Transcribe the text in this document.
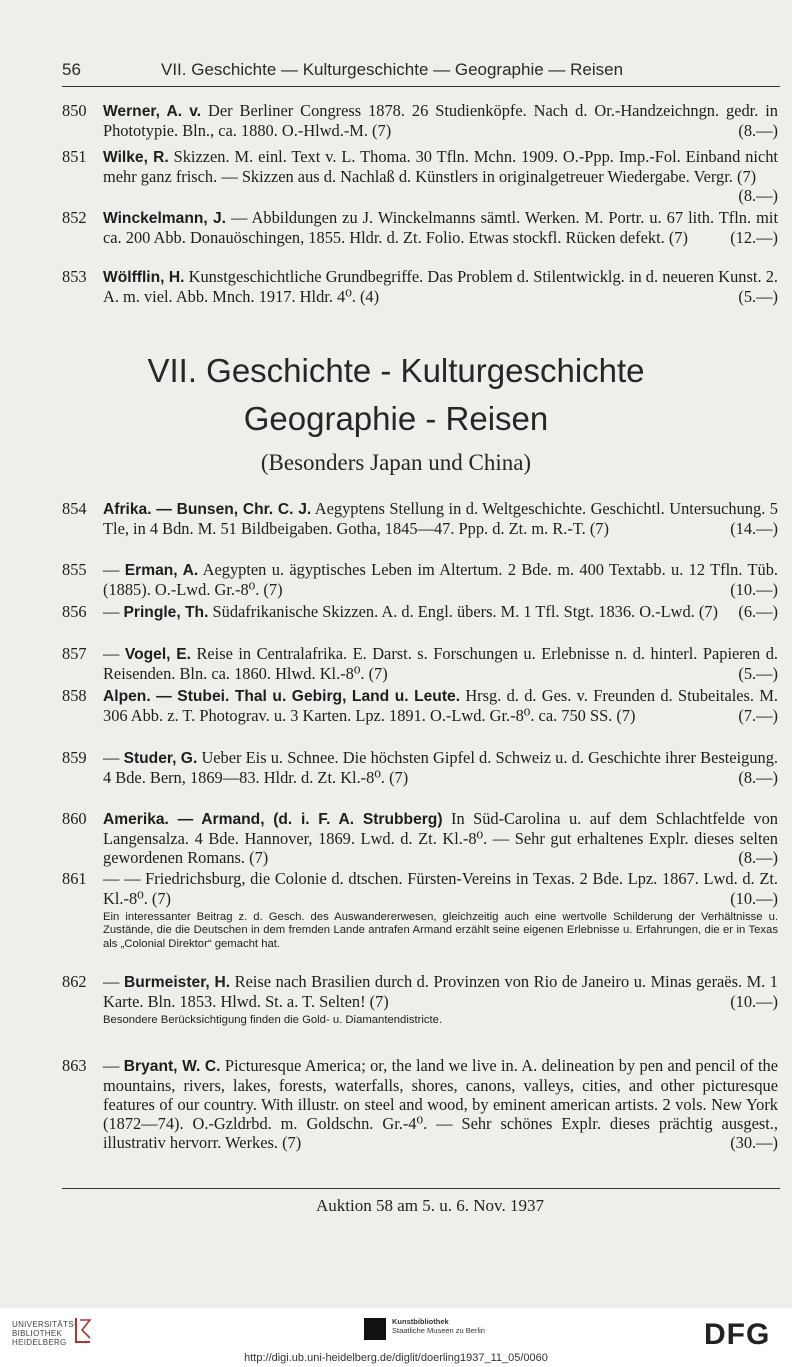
56	VII. Geschichte — Kulturgeschichte — Geographie — Reisen
850	Werner, A. v. Der Berliner Congress 1878. 26 Studienköpfe. Nach d. Or.-Handzeichngn. gedr. in Phototypie. Bln., ca. 1880. O.-Hlwd.-M. (7)	(8.—)
851	Wilke, R. Skizzen. M. einl. Text v. L. Thoma. 30 Tfln. Mchn. 1909. O.-Ppp. Imp.-Fol. Einband nicht mehr ganz frisch. — Skizzen aus d. Nachlaß d. Künstlers in originalgetreuer Wiedergabe. Vergr. (7)
(8.—)
852	Winckelmann, J. — Abbildungen zu J. Winckelmanns sämtl. Werken. M. Portr. u. 67 lith. Tfln. mit ca. 200 Abb. Donauöschingen, 1855. Hldr. d. Zt. Folio. Etwas stockfl. Rücken defekt. (7)	(12.—)
853	Wölfflin, H. Kunstgeschichtliche Grundbegriffe. Das Problem d. Stilentwicklg. in d. neueren Kunst. 2. A. m. viel. Abb. Mnch. 1917. Hldr. 4⁰. (4)	(5.—)
VII. Geschichte - Kulturgeschichte
Geographie - Reisen
(Besonders Japan und China)
854	Afrika. — Bunsen, Chr. C. J. Aegyptens Stellung in d. Weltgeschichte. Geschichtl. Untersuchung. 5 Tle, in 4 Bdn. M. 51 Bildbeigaben. Gotha, 1845—47. Ppp. d. Zt. m. R.-T. (7)	(14.—)
855	— Erman, A. Aegypten u. ägyptisches Leben im Altertum. 2 Bde. m. 400 Textabb. u. 12 Tfln. Tüb. (1885). O.-Lwd. Gr.-8⁰. (7)	(10.—)
856	— Pringle, Th. Südafrikanische Skizzen. A. d. Engl. übers. M. 1 Tfl. Stgt. 1836. O.-Lwd. (7) (6.—)
857	— Vogel, E. Reise in Centralafrika. E. Darst. s. Forschungen u. Erlebnisse n. d. hinterl. Papieren d. Reisenden. Bln. ca. 1860. Hlwd. Kl.-8⁰. (7)	(5.—)
858	Alpen. — Stubei. Thal u. Gebirg, Land u. Leute. Hrsg. d. d. Ges. v. Freunden d. Stubeitales. M. 306 Abb. z. T. Photograv. u. 3 Karten. Lpz. 1891. O.-Lwd. Gr.-8⁰. ca. 750 SS. (7)	(7.—)
859	— Studer, G. Ueber Eis u. Schnee. Die höchsten Gipfel d. Schweiz u. d. Geschichte ihrer Besteigung. 4 Bde. Bern, 1869—83. Hldr. d. Zt. Kl.-8⁰. (7)	(8.—)
860	Amerika. — Armand, (d. i. F. A. Strubberg) In Süd-Carolina u. auf dem Schlachtfelde von Langensalza. 4 Bde. Hannover, 1869. Lwd. d. Zt. Kl.-8⁰. — Sehr gut erhaltenes Explr. dieses selten gewordenen Romans. (7)	(8.—)
861	— — Friedrichsburg, die Colonie d. dtschen. Fürsten-Vereins in Texas. 2 Bde. Lpz. 1867. Lwd. d. Zt. Kl.-8⁰. (7)	(10.—)
Ein interessanter Beitrag z. d. Gesch. des Auswandererwesen, gleichzeitig auch eine wertvolle Schilderung der Verhältnisse u. Zustände, die die Deutschen in dem fremden Lande antrafen Armand erzählt seine eigenen Erlebnisse u. Erfahrungen, die er in Texas als „Colonial Direktor“ gemacht hat.
862	— Burmeister, H. Reise nach Brasilien durch d. Provinzen von Rio de Janeiro u. Minas geraës. M. 1 Karte. Bln. 1853. Hlwd. St. a. T. Selten! (7)	(10.—)
Besondere Berücksichtigung finden die Gold- u. Diamantendistricte.
863	— Bryant, W. C. Picturesque America; or, the land we live in. A. delineation by pen and pencil of the mountains, rivers, lakes, forests, waterfalls, shores, canons, valleys, cities, and other picturesque features of our country. With illustr. on steel and wood, by eminent american artists. 2 vols. New York (1872—74). O.-Gzldrbd. m. Goldschn. Gr.-4⁰. — Sehr schönes Explr. dieses prächtig ausgest., illustrativ hervorr. Werkes. (7)	(30.—)
Auktion 58 am 5. u. 6. Nov. 1937
UNIVERSITÄTS-
BIBLIOTHEK
HEIDELBERG
Kunstbibliothek
Staatliche Museen zu Berlin	DFG
http://digi.ub.uni-heidelberg.de/diglit/doerling1937_11_05/0060
